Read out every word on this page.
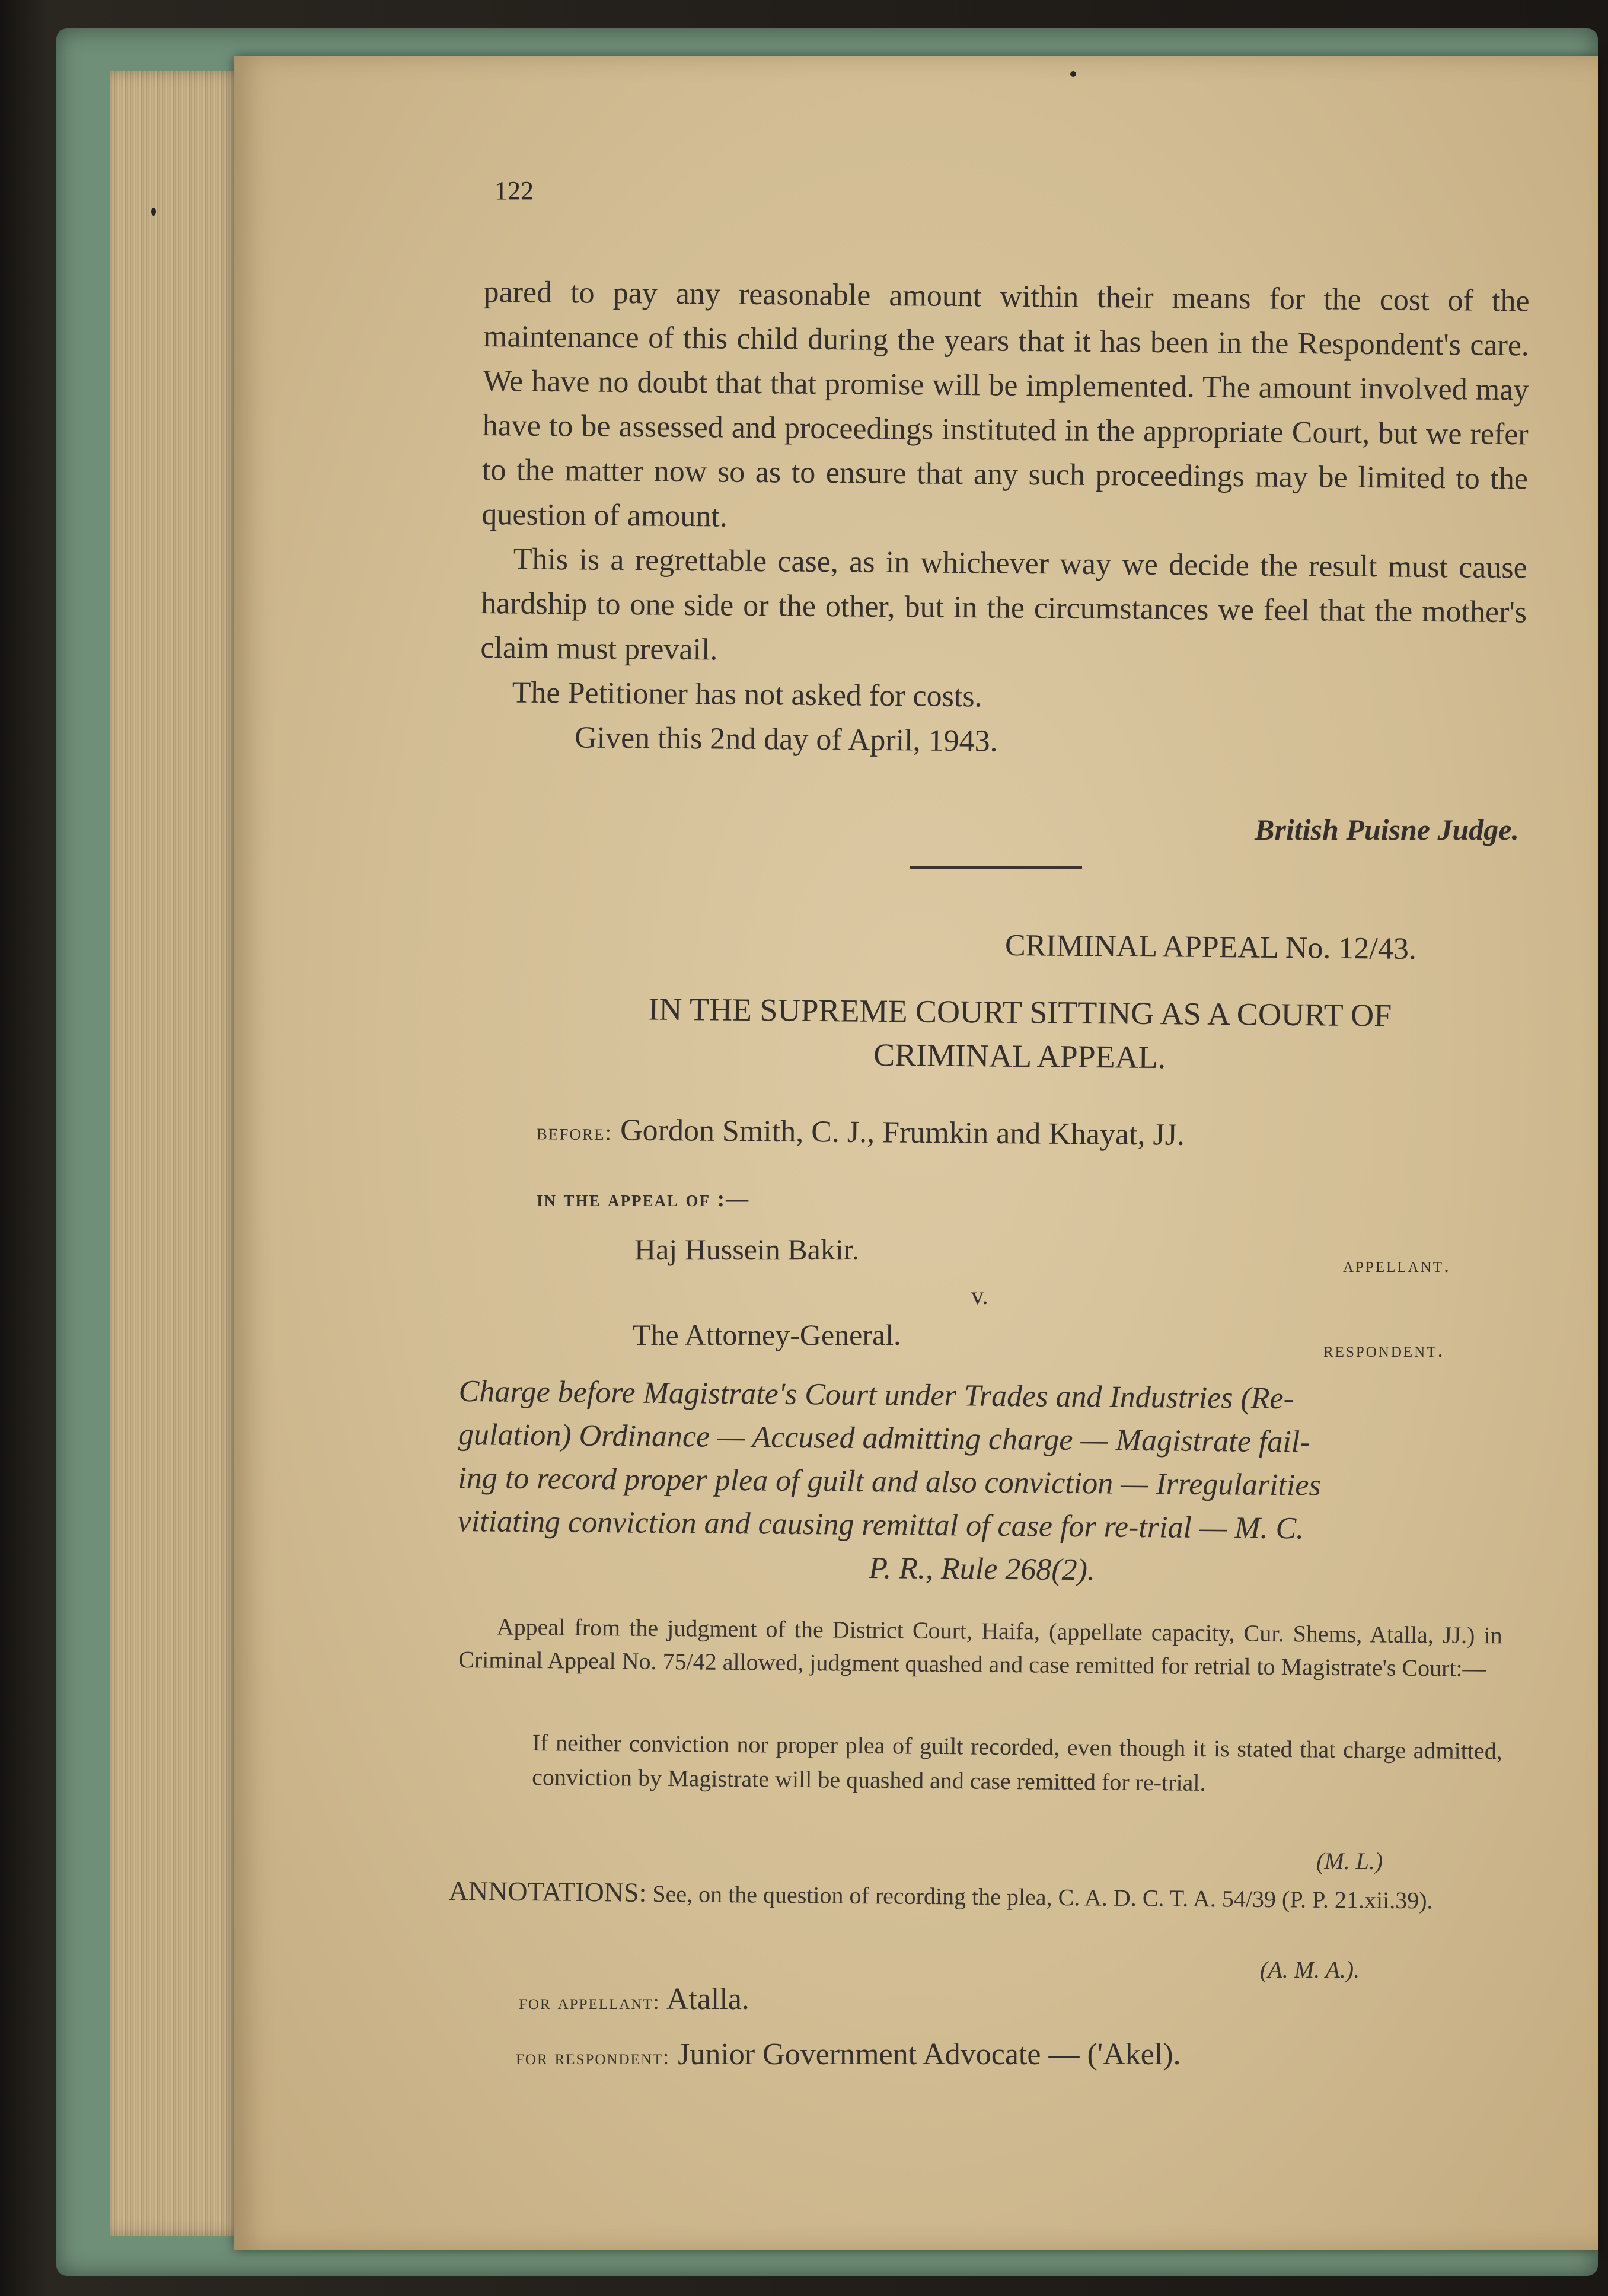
122

pared to pay any reasonable amount within their means for the cost of the maintenance of this child during the years that it has been in the Respondent's care. We have no doubt that that promise will be implemented. The amount involved may have to be assessed and proceedings instituted in the appropriate Court, but we refer to the matter now so as to ensure that any such proceedings may be limited to the question of amount.

This is a regrettable case, as in whichever way we decide the result must cause hardship to one side or the other, but in the circumstances we feel that the mother's claim must prevail.

The Petitioner has not asked for costs.

Given this 2nd day of April, 1943.

British Puisne Judge.
CRIMINAL APPEAL No. 12/43.
IN THE SUPREME COURT SITTING AS A COURT OF
CRIMINAL APPEAL.
before: Gordon Smith, C. J., Frumkin and Khayat, JJ.
in the appeal of :—
Haj Hussein Bakir.	appellant.
v.
The Attorney-General.	respondent.
Charge before Magistrate's Court under Trades and Industries (Re-
gulation) Ordinance — Accused admitting charge — Magistrate fail-
ing to record proper plea of guilt and also conviction — Irregularities
vitiating conviction and causing remittal of case for re-trial — M. C.
P. R., Rule 268(2).
Appeal from the judgment of the District Court, Haifa, (appellate capacity, Cur. Shems, Atalla, JJ.) in Criminal Appeal No. 75/42 allowed, judgment quashed and case remitted for retrial to Magistrate's Court:—
If neither conviction nor proper plea of guilt recorded, even though it is stated that charge admitted, conviction by Magistrate will be quashed and case remitted for re-trial.
(M. L.)
ANNOTATIONS: See, on the question of recording the plea, C. A. D. C. T. A. 54/39 (P. P. 21.xii.39).
(A. M. A.).
for appellant: Atalla.
for respondent: Junior Government Advocate — ('Akel).
